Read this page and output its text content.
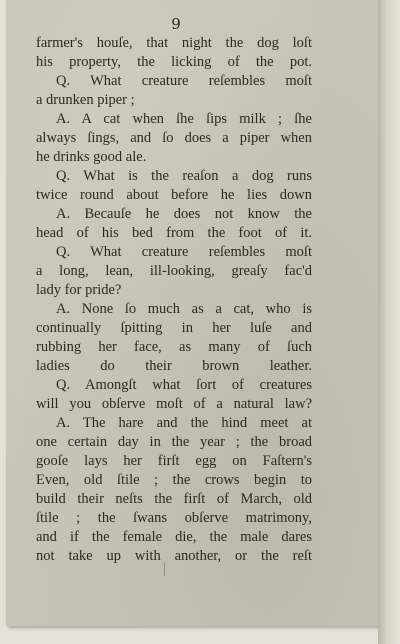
9
farmer's houſe, that night the dog loſt
his property, the licking of the pot.
Q. What creature reſembles moſt
a drunken piper ;
A. A cat when ſhe ſips milk ; ſhe
always ſings, and ſo does a piper when
he drinks good ale.
Q. What is the reaſon a dog runs
twice round about before he lies down
A. Becauſe he does not know the
head of his bed from the foot of it.
Q. What creature reſembles moſt
a long, lean, ill-looking, greaſy fac'd
lady for pride?
A. None ſo much as a cat, who is
continually ſpitting in her luſe and
rubbing her face, as many of ſuch
ladies do their brown leather.
Q. Amongſt what ſort of creatures
will you obſerve moſt of a natural law?
A. The hare and the hind meet at
one certain day in the year ; the broad
gooſe lays her firſt egg on Faſtern's
Even, old ſtile ; the crows begin to
build their neſts the firſt of March, old
ſtile ; the ſwans obſerve matrimony,
and if the female die, the male dares
not take up with another, or the reſt
